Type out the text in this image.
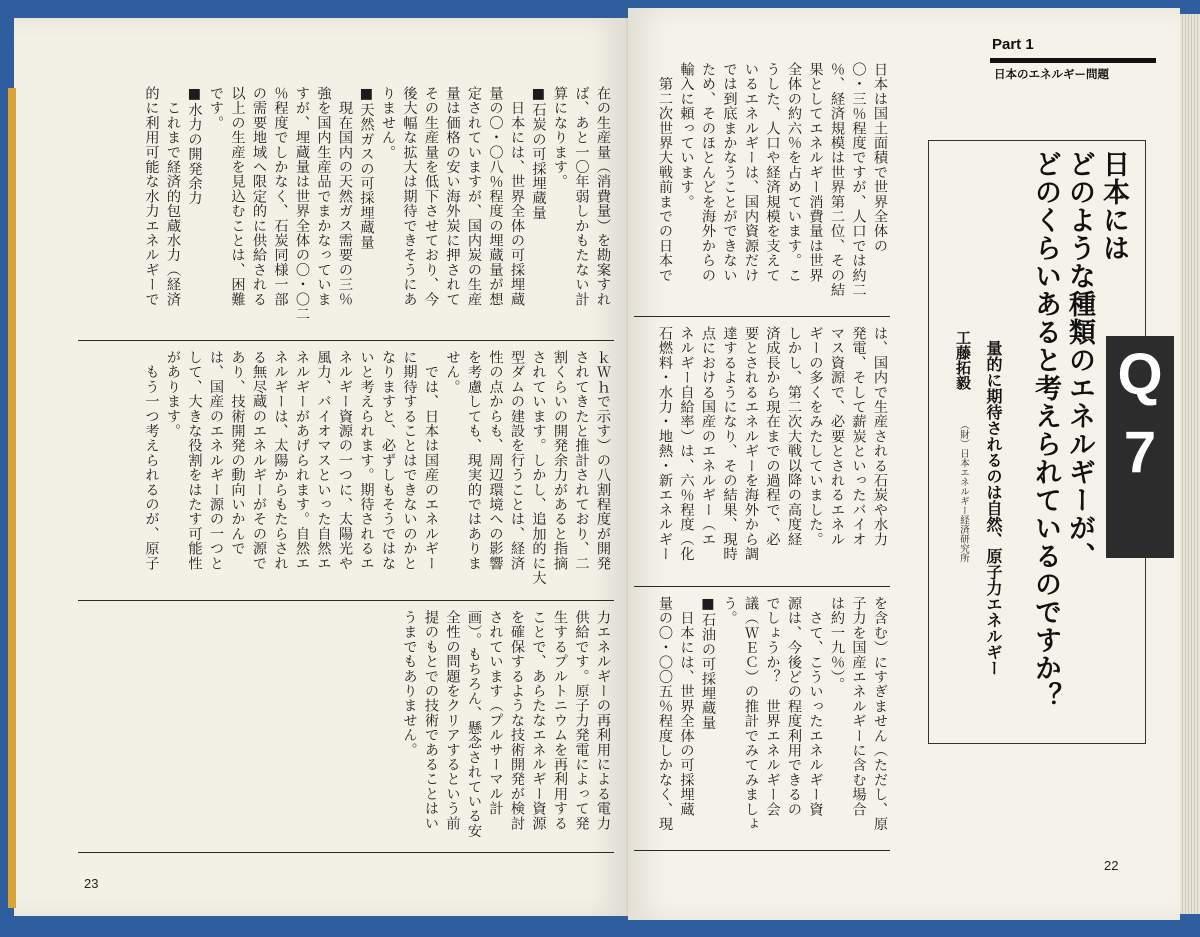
在の生産量（消費量）を勘案すれ
ば、あと一〇年弱しかもたない計
算になります。
■石炭の可採埋蔵量
　日本には、世界全体の可採埋蔵
量の〇・〇八％程度の埋蔵量が想
定されていますが、国内炭の生産
量は価格の安い海外炭に押されて
その生産量を低下させており、今
後大幅な拡大は期待できそうにあ
りません。
■天然ガスの可採埋蔵量
　現在国内の天然ガス需要の三％
強を国内生産品でまかなっていま
すが、埋蔵量は世界全体の〇・〇二
％程度でしかなく、石炭同様一部
の需要地域へ限定的に供給される
以上の生産を見込むことは、困難
です。
■水力の開発余力
　これまで経済的包蔵水力（経済
的に利用可能な水力エネルギーで
ｋＷｈで示す）の八割程度が開発
されてきたと推計されており、二
割くらいの開発余力があると指摘
されています。しかし、追加的に大
型ダムの建設を行うことは、経済
性の点からも、周辺環境への影響
を考慮しても、現実的ではありま
せん。
　では、日本は国産のエネルギー
に期待することはできないのかと
なりますと、必ずしもそうではな
いと考えられます。期待されるエ
ネルギー資源の一つに、太陽光や
風力、バイオマスといった自然エ
ネルギーがあげられます。自然エ
ネルギーは、太陽からもたらされ
る無尽蔵のエネルギーがその源で
あり、技術開発の動向いかんで
は、国産のエネルギー源の一つと
して、大きな役割をはたす可能性
があります。
　もう一つ考えられるのが、原子
力エネルギーの再利用による電力
供給です。原子力発電によって発
生するプルトニウムを再利用する
ことで、あらたなエネルギー資源
を確保するような技術開発が検討
されています（プルサーマル計
画）。もちろん、懸念されている安
全性の問題をクリアするという前
提のもとでの技術であることはい
うまでもありません。
23
Part 1
日本のエネルギー問題
日本は国土面積で世界全体の
〇・三％程度ですが、人口では約二
％、経済規模は世界第二位、その結
果としてエネルギー消費量は世界
全体の約六％を占めています。こ
うした、人口や経済規模を支えて
いるエネルギーは、国内資源だけ
では到底まかなうことができない
ため、そのほとんどを海外からの
輸入に頼っています。
　第二次世界大戦前までの日本で
は、国内で生産される石炭や水力
発電、そして薪炭といったバイオ
マス資源で、必要とされるエネル
ギーの多くをみたしていました。
しかし、第二次大戦以降の高度経
済成長から現在までの過程で、必
要とされるエネルギーを海外から調
達するようになり、その結果、現時
点における国産のエネルギー（エ
ネルギー自給率）は、六％程度（化
石燃料・水力・地熱・新エネルギー
を含む）にすぎません（ただし、原
子力を国産エネルギーに含む場合
は約一九％）。
　さて、こういったエネルギー資
源は、今後どの程度利用できるの
でしょうか？　世界エネルギー会
議（ＷＥＣ）の推計でみてみましょ
う。
■石油の可採埋蔵量
　日本には、世界全体の可採埋蔵
量の〇・〇〇五％程度しかなく、現
日本には
どのような種類のエネルギーが、
どのくらいあると考えられているのですか？
量的に期待されるのは自然、原子力エネルギー
工藤拓毅
（財）日本エネルギー経済研究所
Q
7
22
